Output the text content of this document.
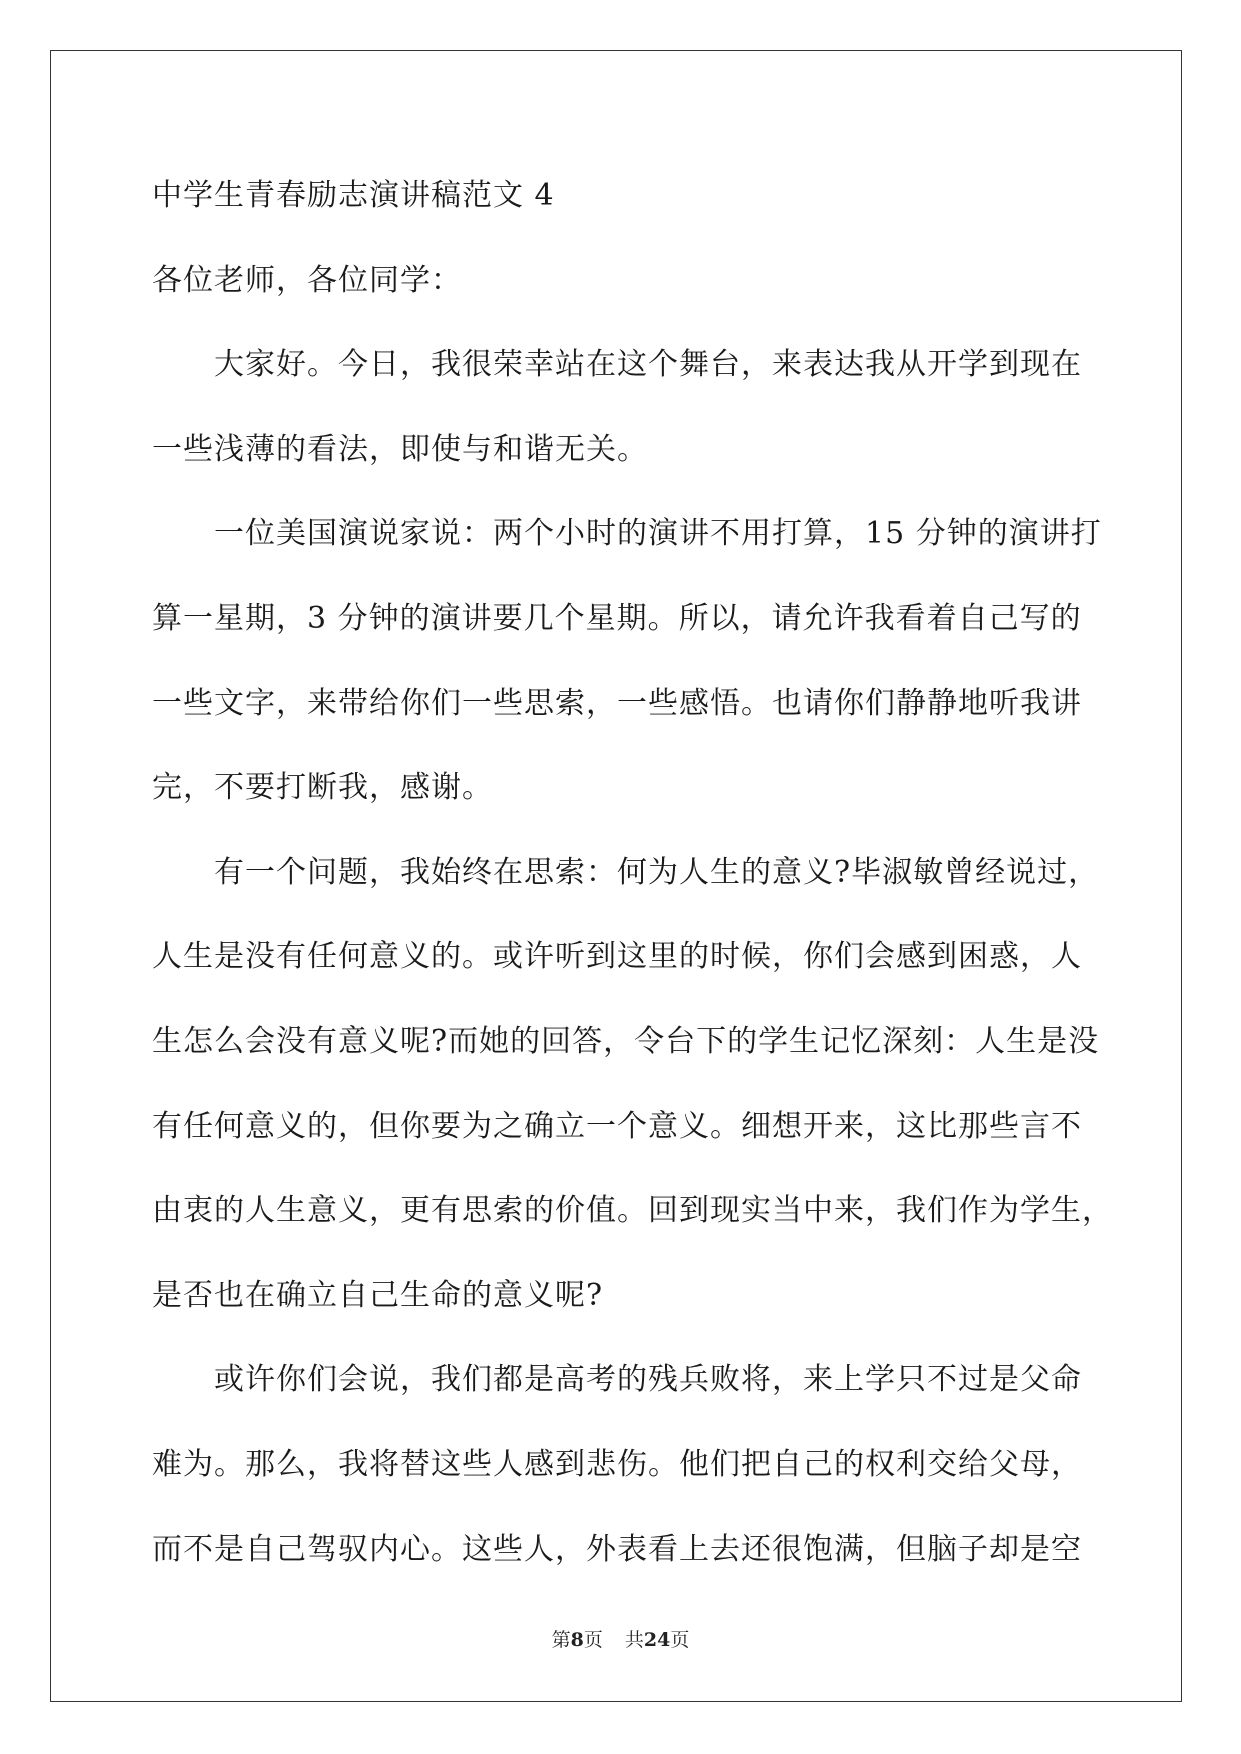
中学生青春励志演讲稿范文 4
各位老师，各位同学：
大家好。今日，我很荣幸站在这个舞台，来表达我从开学到现在
一些浅薄的看法，即使与和谐无关。
一位美国演说家说：两个小时的演讲不用打算，15 分钟的演讲打
算一星期，3 分钟的演讲要几个星期。所以，请允许我看着自己写的
一些文字，来带给你们一些思索，一些感悟。也请你们静静地听我讲
完，不要打断我，感谢。
有一个问题，我始终在思索：何为人生的意义?毕淑敏曾经说过，
人生是没有任何意义的。或许听到这里的时候，你们会感到困惑，人
生怎么会没有意义呢?而她的回答，令台下的学生记忆深刻：人生是没
有任何意义的，但你要为之确立一个意义。细想开来，这比那些言不
由衷的人生意义，更有思索的价值。回到现实当中来，我们作为学生，
是否也在确立自己生命的意义呢?
或许你们会说，我们都是高考的残兵败将，来上学只不过是父命
难为。那么，我将替这些人感到悲伤。他们把自己的权利交给父母，
而不是自己驾驭内心。这些人，外表看上去还很饱满，但脑子却是空
第8页 共24页
